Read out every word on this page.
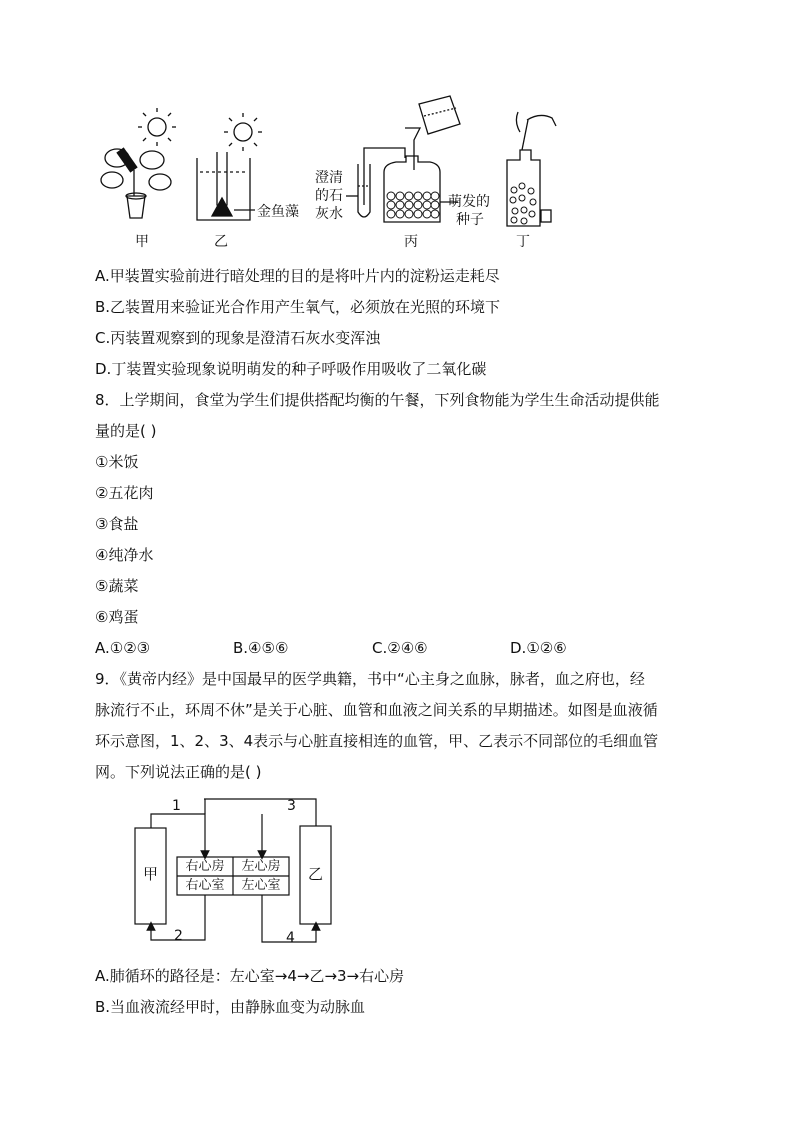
甲	乙
金鱼藻
澄清
的石
灰水
丙
萌发的
种子
丁
A.甲装置实验前进行暗处理的目的是将叶片内的淀粉运走耗尽
B.乙装置用来验证光合作用产生氧气，必须放在光照的环境下
C.丙装置观察到的现象是澄清石灰水变浑浊
D.丁装置实验现象说明萌发的种子呼吸作用吸收了二氧化碳
8．上学期间，食堂为学生们提供搭配均衡的午餐，下列食物能为学生生命活动提供能
量的是( )
①米饭
②五花肉
③食盐
④纯净水
⑤蔬菜
⑥鸡蛋
A.①②③	B.④⑤⑥	C.②④⑥	D.①②⑥
9．《黄帝内经》是中国最早的医学典籍，书中“心主身之血脉，脉者，血之府也，经
脉流行不止，环周不休”是关于心脏、血管和血液之间关系的早期描述。如图是血液循
环示意图，1、2、3、4表示与心脏直接相连的血管，甲、乙表示不同部位的毛细血管
网。下列说法正确的是( )
甲	乙
右心房	左心房
右心室	左心室
1
2
3
4
A.肺循环的路径是：左心室→4→乙→3→右心房
B.当血液流经甲时，由静脉血变为动脉血
